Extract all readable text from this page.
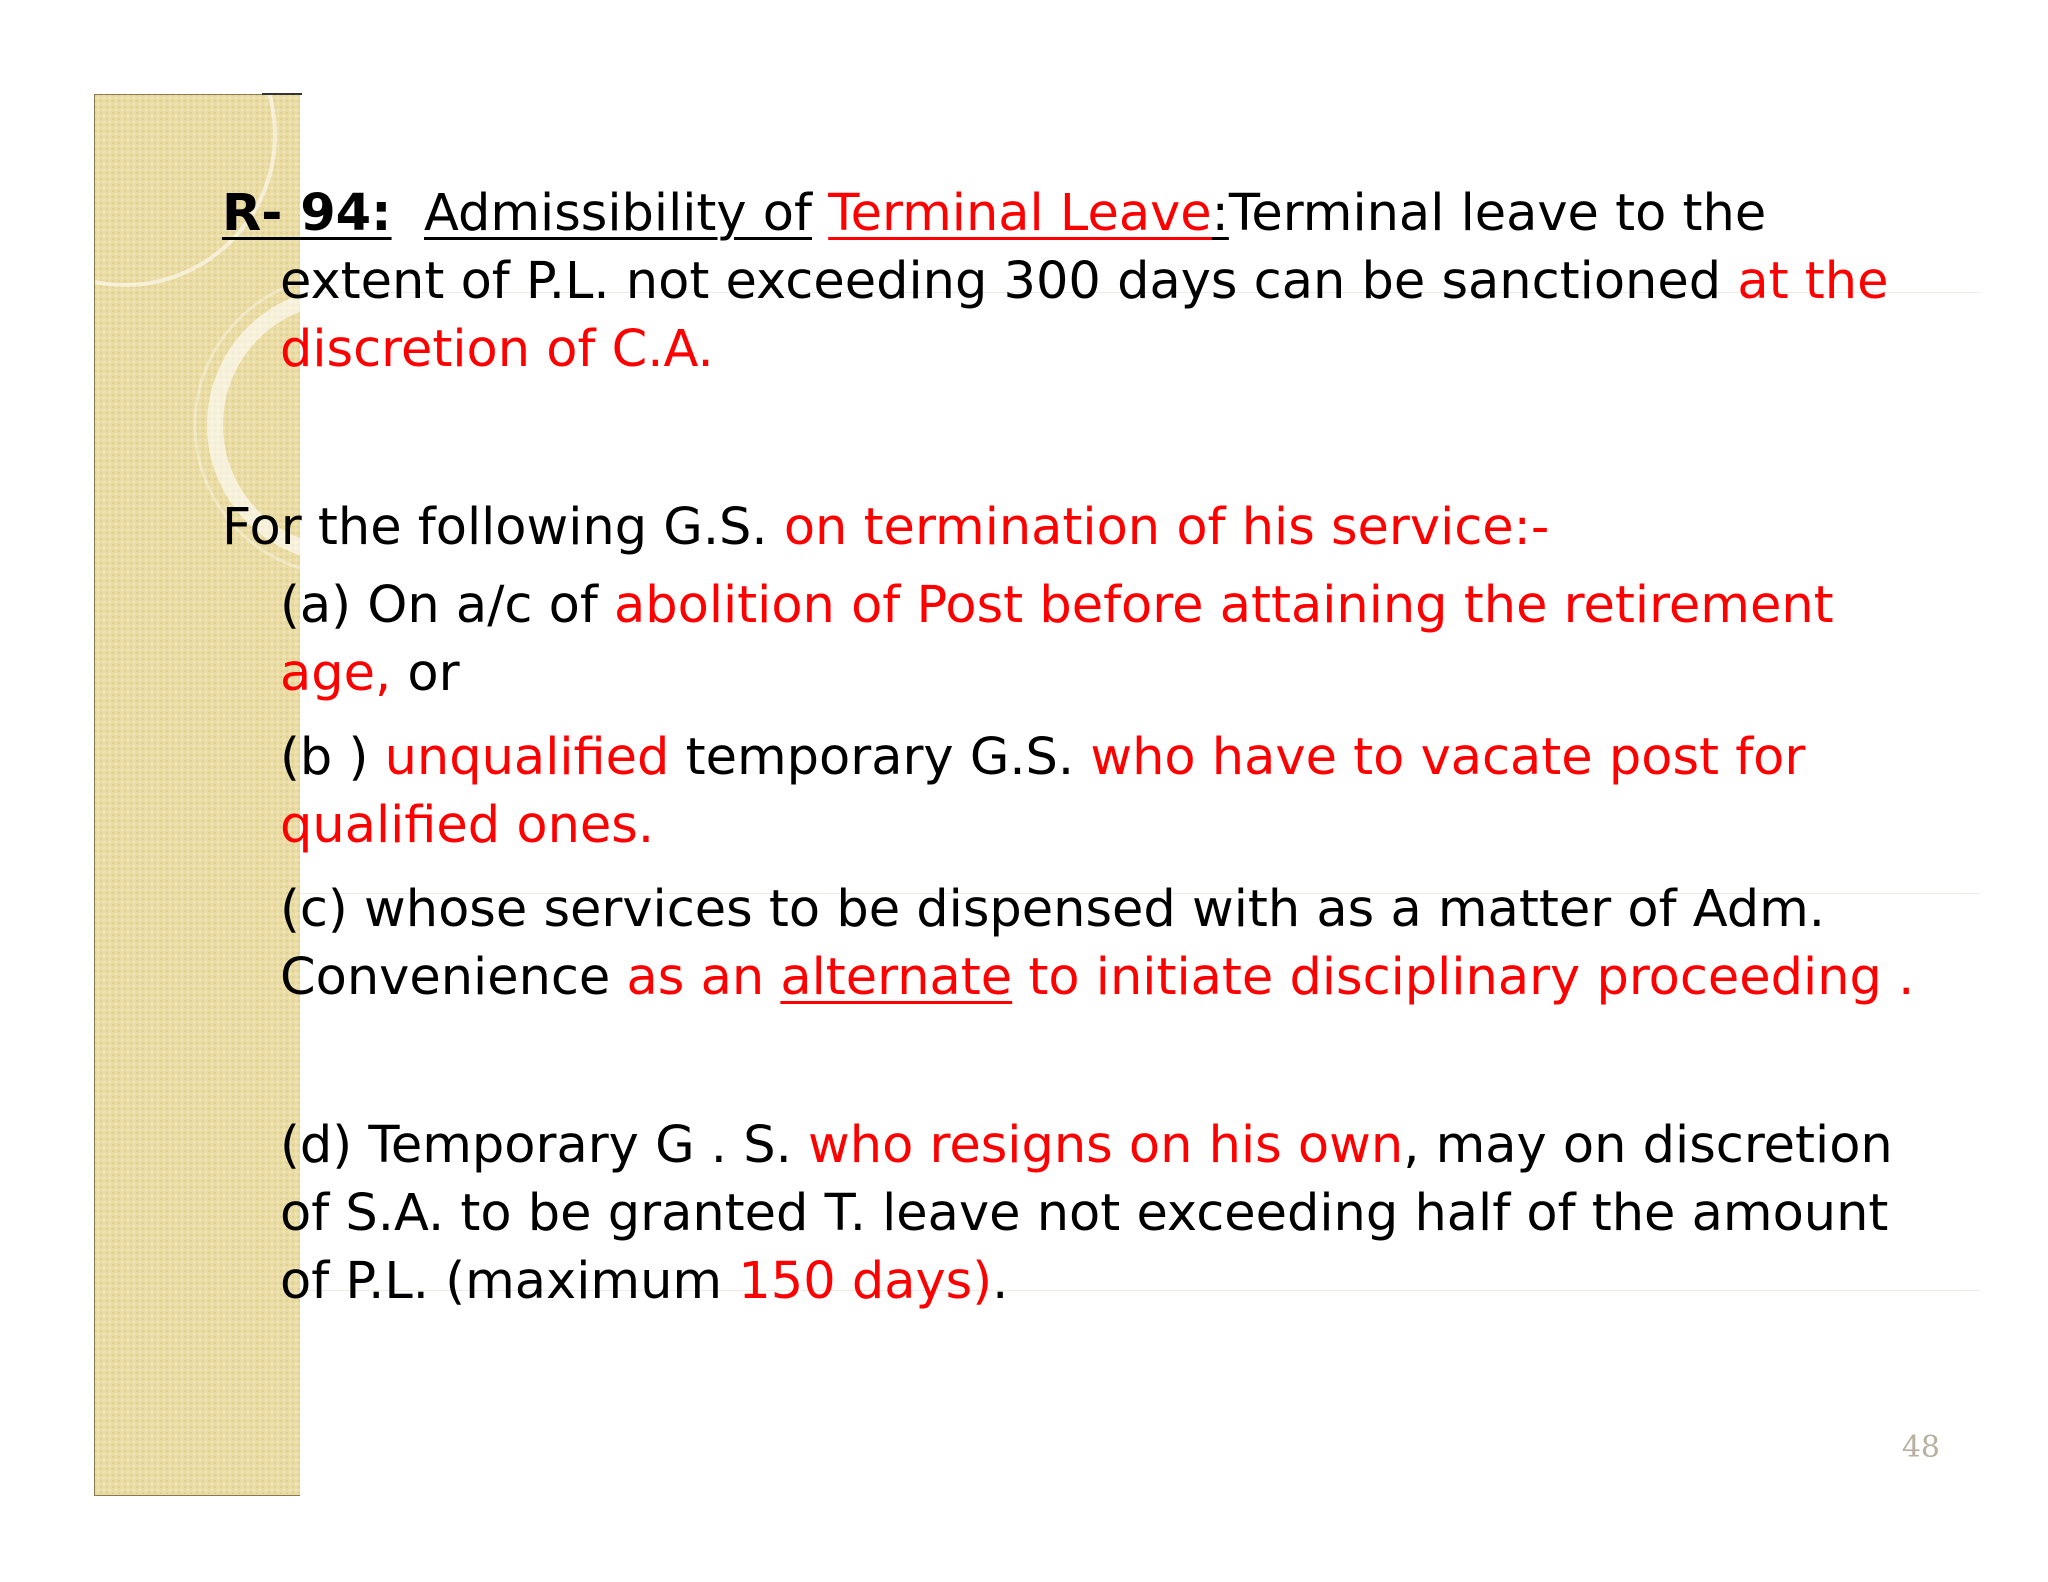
R- 94: Admissibility of Terminal Leave:Terminal leave to the extent of P.L. not exceeding 300 days can be sanctioned at the discretion of C.A.

For the following G.S. on termination of his service:-

(a) On a/c of abolition of Post before attaining the retirement age, or

(b ) unqualified temporary G.S. who have to vacate post for qualified ones.

(c) whose services to be dispensed with as a matter of Adm. Convenience as an alternate to initiate disciplinary proceeding .

(d) Temporary G . S. who resigns on his own, may on discretion of S.A. to be granted T. leave not exceeding half of the amount of P.L. (maximum 150 days).

48
